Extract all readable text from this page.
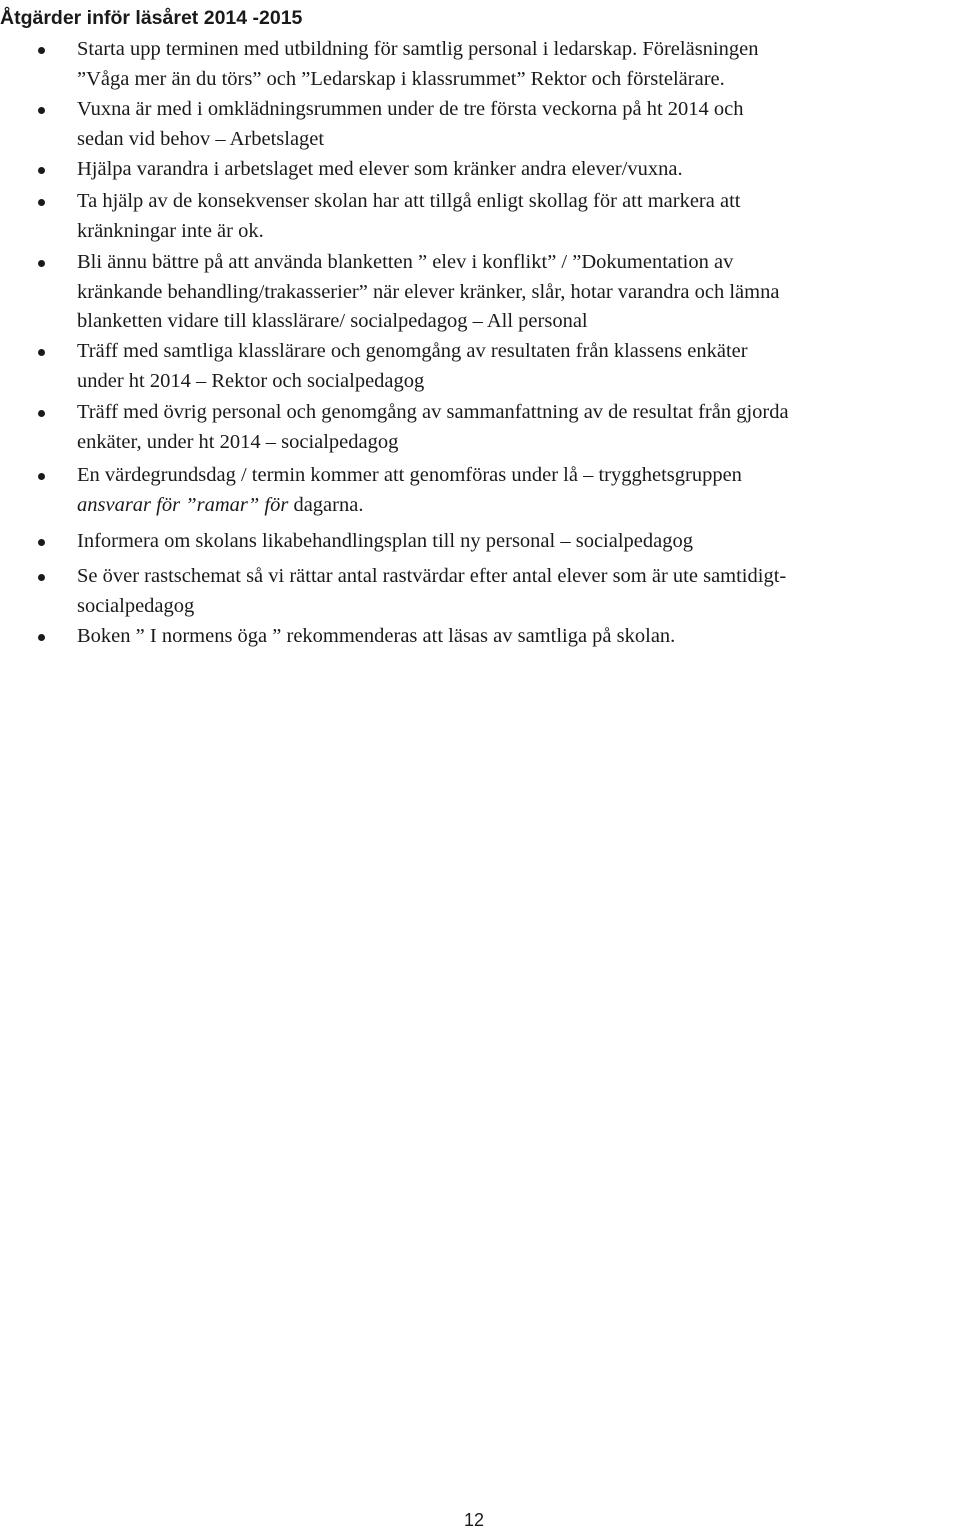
Åtgärder inför läsåret 2014 -2015
Starta upp terminen med utbildning för samtlig personal i ledarskap. Föreläsningen
”Våga mer än du törs” och ”Ledarskap i klassrummet” Rektor och förstelärare.
Vuxna är med i omklädningsrummen under de tre första veckorna på ht 2014 och
sedan vid behov – Arbetslaget
Hjälpa varandra i arbetslaget med elever som kränker andra elever/vuxna.
Ta hjälp av de konsekvenser skolan har att tillgå enligt skollag för att markera att
kränkningar inte är ok.
Bli ännu bättre på att använda blanketten ” elev i konflikt” / ”Dokumentation av
kränkande behandling/trakasserier” när elever kränker, slår, hotar varandra och lämna
blanketten vidare till klasslärare/ socialpedagog – All personal
Träff med samtliga klasslärare och genomgång av resultaten från klassens enkäter
under ht 2014 – Rektor och socialpedagog
Träff med övrig personal och genomgång av sammanfattning av de resultat från gjorda
enkäter, under ht 2014 – socialpedagog
En värdegrundsdag / termin kommer att genomföras under lå – trygghetsgruppen
ansvarar för ”ramar” för dagarna.
Informera om skolans likabehandlingsplan till ny personal – socialpedagog
Se över rastschemat så vi rättar antal rastvärdar efter antal elever som är ute samtidigt-
socialpedagog
Boken ” I normens öga ” rekommenderas att läsas av samtliga på skolan.
12
